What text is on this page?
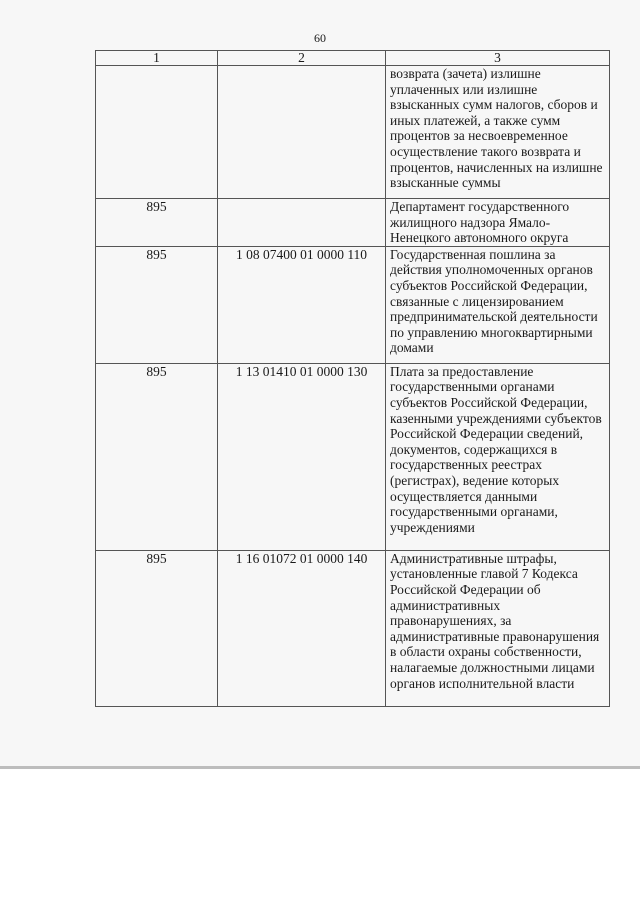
60
1	2	3

		возврата (зачета) излишне уплаченных или излишне взысканных сумм налогов, сборов и иных платежей, а также сумм процентов за несвоевременное осуществление такого возврата и процентов, начисленных на излишне взысканные суммы

895		Департамент государственного жилищного надзора Ямало-Ненецкого автономного округа

895	1 08 07400 01 0000 110	Государственная пошлина за действия уполномоченных органов субъектов Российской Федерации, связанные с лицензированием предпринимательской деятельности по управлению многоквартирными домами

895	1 13 01410 01 0000 130	Плата за предоставление государственными органами субъектов Российской Федерации, казенными учреждениями субъектов Российской Федерации сведений, документов, содержащихся в государственных реестрах (регистрах), ведение которых осуществляется данными государственными органами, учреждениями

895	1 16 01072 01 0000 140	Административные штрафы, установленные главой 7 Кодекса Российской Федерации об административных правонарушениях, за административные правонарушения в области охраны собственности, налагаемые должностными лицами органов исполнительной власти
